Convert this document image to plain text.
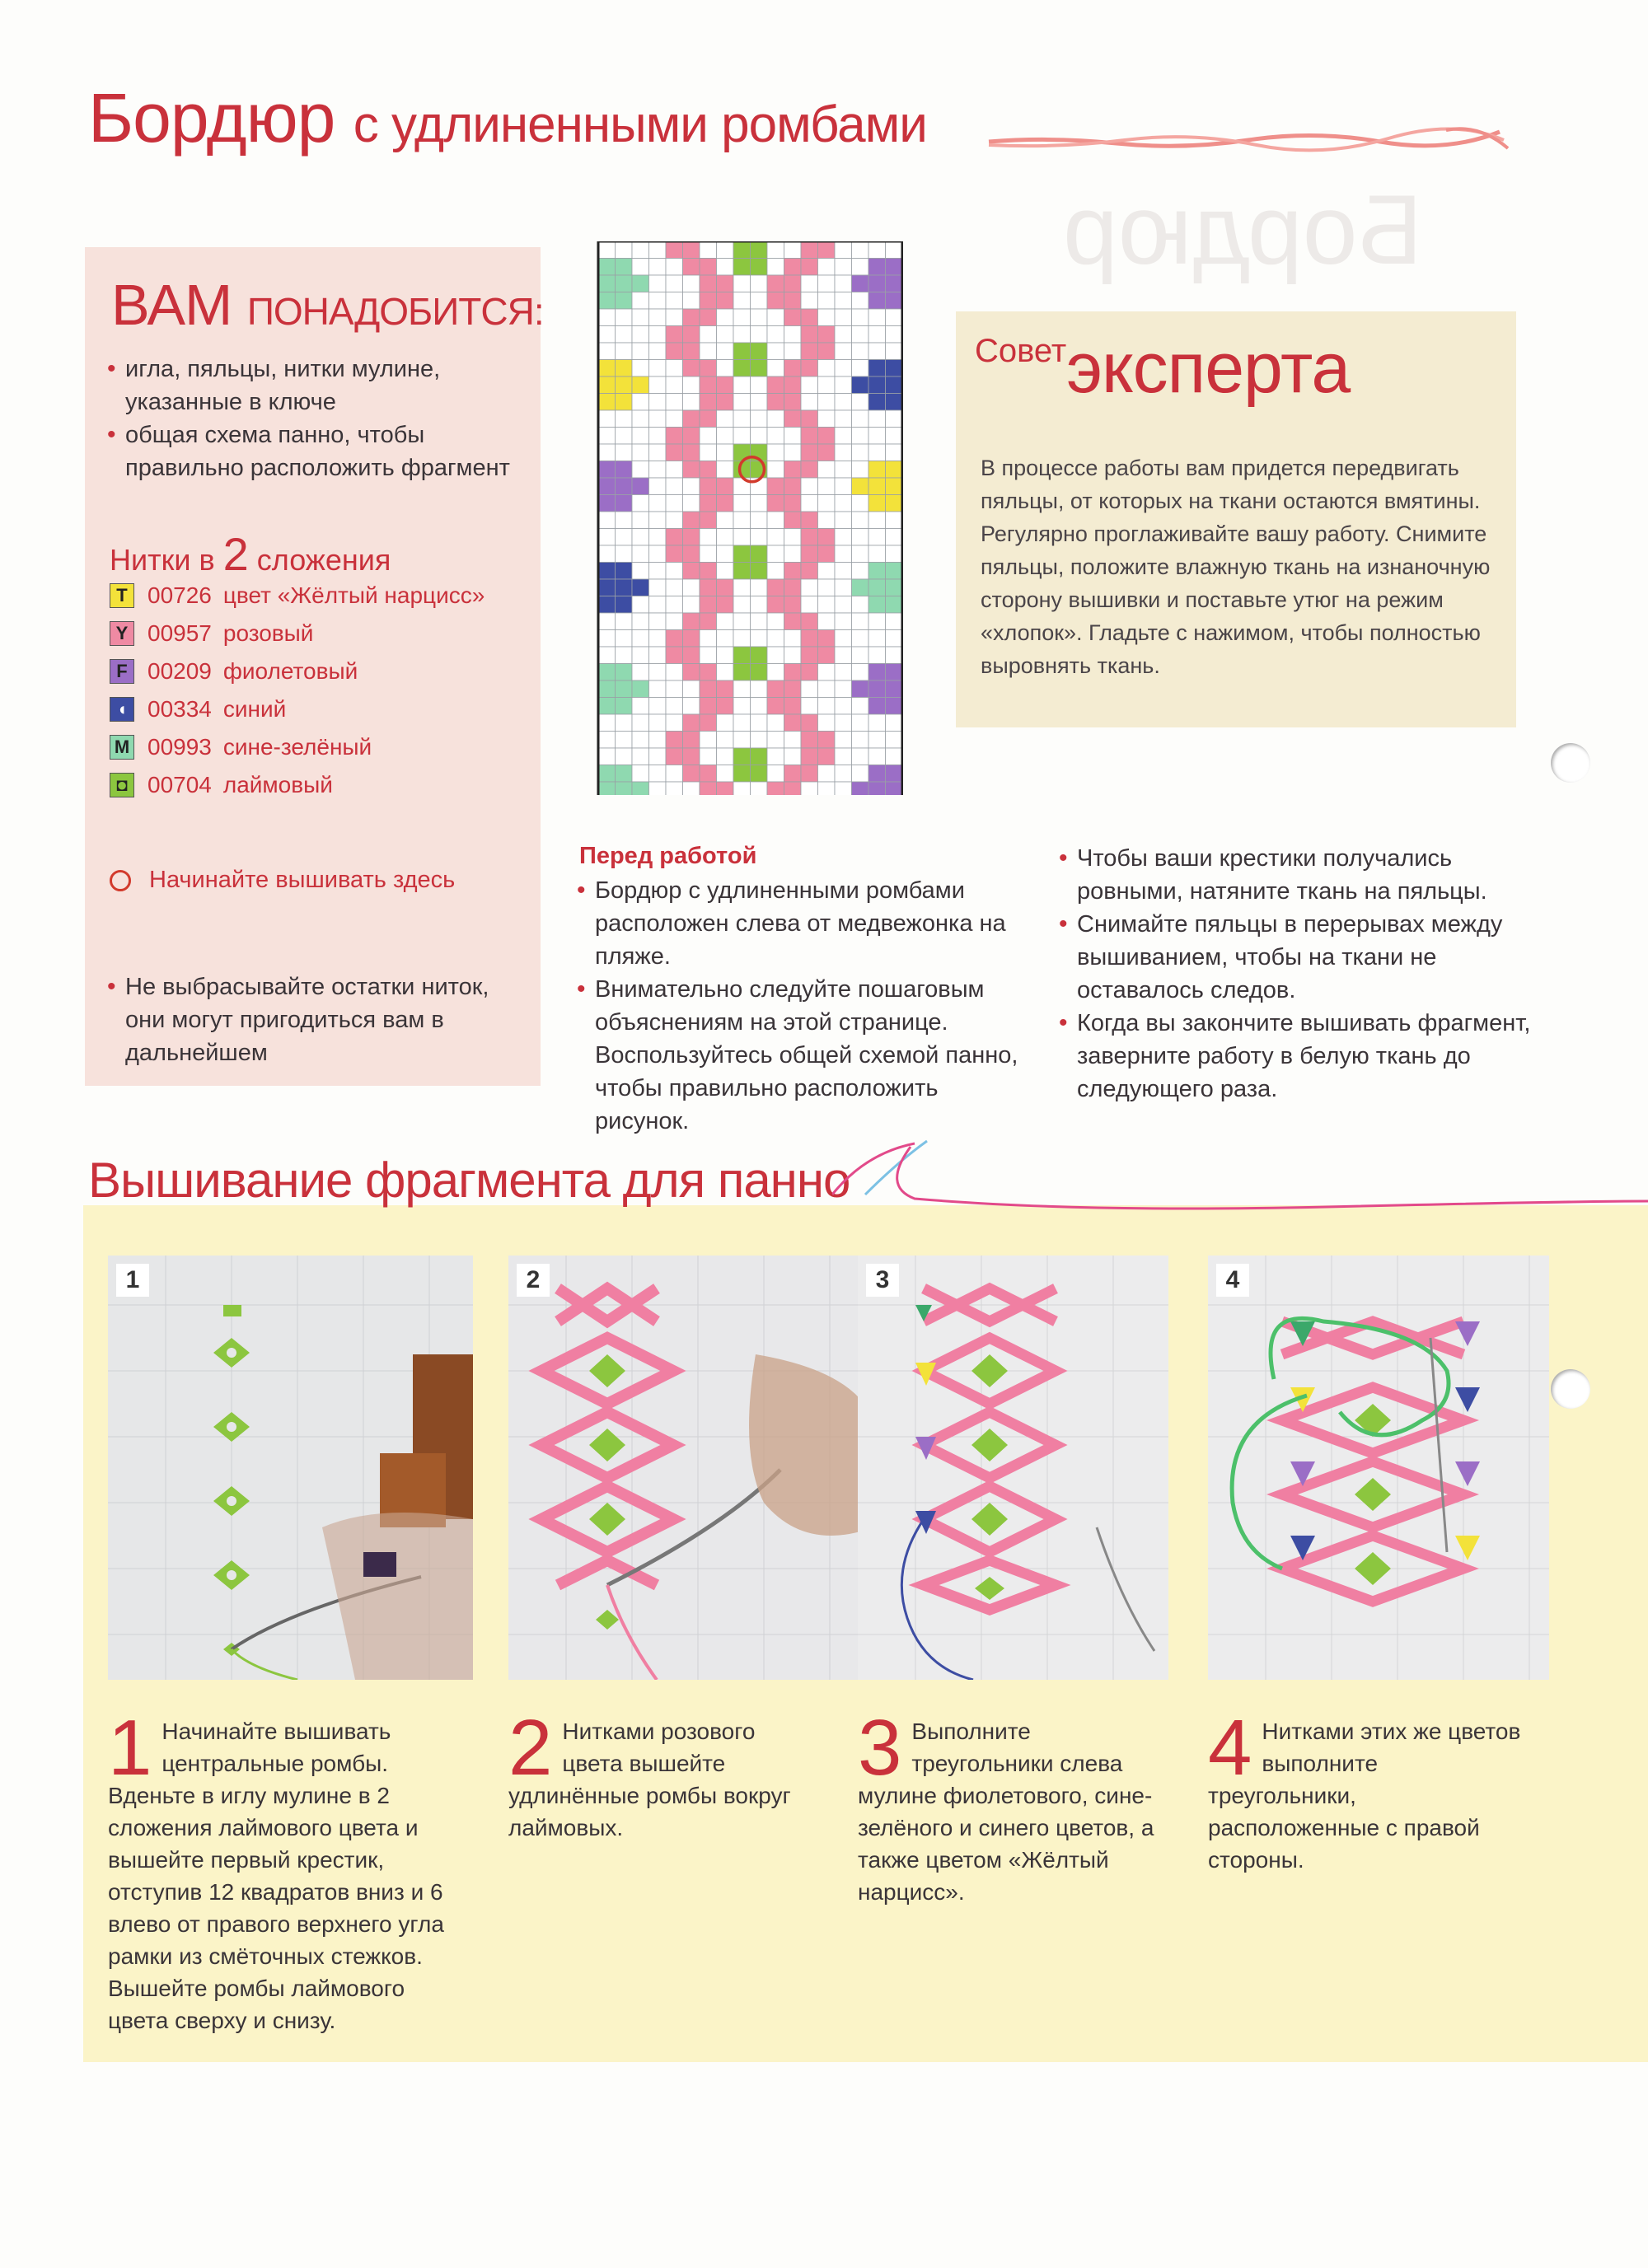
Бордюр с удлиненными ромбами
Бордюр
ВАМ ПОНАДОБИТСЯ:
• игла, пяльцы, нитки мулине, указанные в ключе
• общая схема панно, чтобы правильно расположить фрагмент
Нитки в 2 сложения
T 00726 цвет «Жёлтый нарцисс»
Y 00957 розовый
F 00209 фиолетовый
◖ 00334 синий
M 00993 сине-зелёный
◘ 00704 лаймовый
Начинайте вышивать здесь
• Не выбрасывайте остатки ниток, они могут пригодиться вам в дальнейшем
Советэксперта
В процессе работы вам придется передвигать пяльцы, от которых на ткани остаются вмятины. Регулярно проглаживайте вашу работу. Снимите пяльцы, положите влажную ткань на изнаночную сторону вышивки и поставьте утюг на режим «хлопок». Гладьте с нажимом, чтобы полностью выровнять ткань.
Перед работой
• Бордюр с удлиненными ромбами расположен слева от медвежонка на пляже.
• Внимательно следуйте пошаговым объяснениям на этой странице. Воспользуйтесь общей схемой панно, чтобы правильно расположить рисунок.
• Чтобы ваши крестики получались ровными, натяните ткань на пяльцы.
• Снимайте пяльцы в перерывах между вышиванием, чтобы на ткани не оставалось следов.
• Когда вы закончите вышивать фрагмент, заверните работу в белую ткань до следующего раза.
Вышивание фрагмента для панно
1	2	3	4
1 Начинайте вышивать центральные ромбы. Вденьте в иглу мулине в 2 сложения лаймового цвета и вышейте первый крестик, отступив 12 квадратов вниз и 6 влево от правого верхнего угла рамки из смёточных стежков. Вышейте ромбы лаймового цвета сверху и снизу.
2 Нитками розового цвета вышейте удлинённые ромбы вокруг лаймовых.
3 Выполните треугольники слева мулине фиолетового, сине-зелёного и синего цветов, а также цветом «Жёлтый нарцисс».
4 Нитками этих же цветов выполните треугольники, расположенные с правой стороны.
